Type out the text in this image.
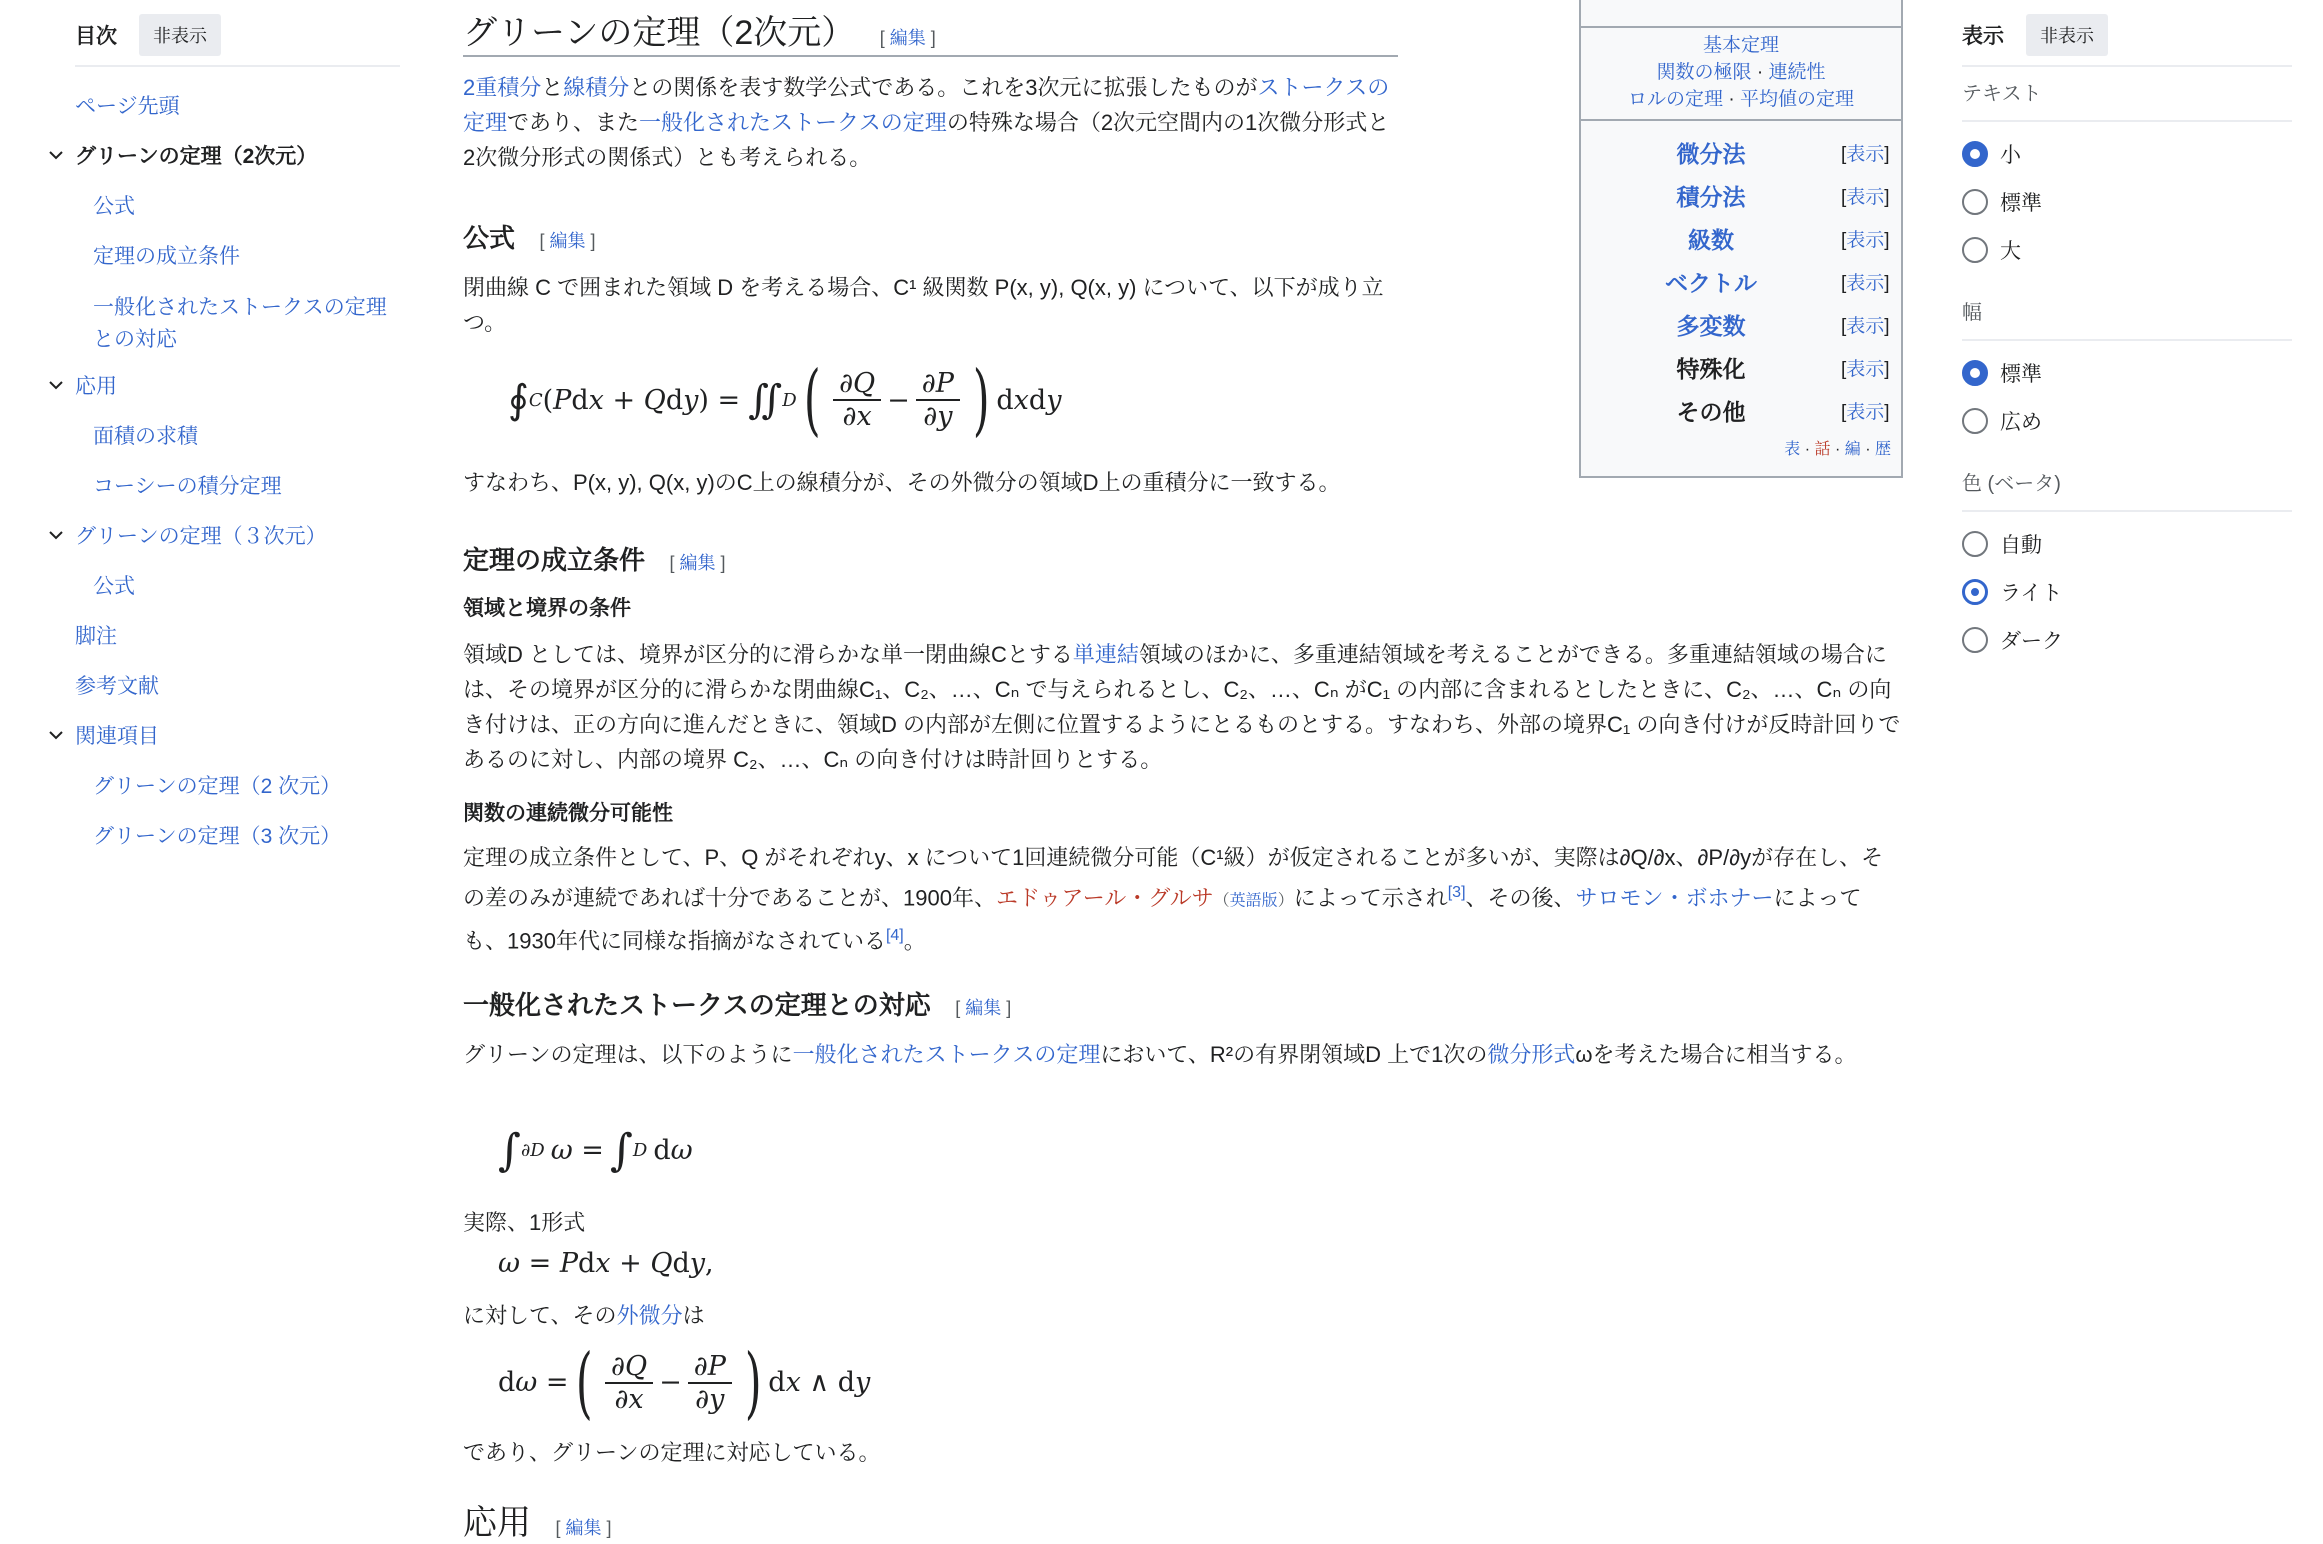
目次	非表示
ページ先頭
グリーンの定理（2次元）
公式
定理の成立条件
一般化されたストークスの定理との対応
応用
面積の求積
コーシーの積分定理
グリーンの定理（３次元）
公式
脚注
参考文献
関連項目
グリーンの定理（2 次元）
グリーンの定理（3 次元）
グリーンの定理（2次元） [ 編集 ]

2重積分と線積分との関係を表す数学公式である。これを3次元に拡張したものがストークスの定理であり、また一般化されたストークスの定理の特殊な場合（2次元空間内の1次微分形式と2次微分形式の関係式）とも考えられる。

公式 [ 編集 ]

閉曲線 C で囲まれた領域 D を考える場合、C¹ 級関数 P(x, y), Q(x, y) について、以下が成り立つ。

∮ C (Pdx + Qdy) = ∬ D ( $\frac{\partial Q}{\partial x} - \frac{\partial P}{\partial y}$ ) dxdy

すなわち、P(x, y), Q(x, y)のC上の線積分が、その外微分の領域D上の重積分に一致する。

定理の成立条件 [ 編集 ]
領域と境界の条件

領域D としては、境界が区分的に滑らかな単一閉曲線Cとする単連結領域のほかに、多重連結領域を考えることができる。多重連結領域の場合には、その境界が区分的に滑らかな閉曲線C₁、C₂、…、Cₙ で与えられるとし、C₂、…、Cₙ がC₁ の内部に含まれるとしたときに、C₂、…、Cₙ の向き付けは、正の方向に進んだときに、領域D の内部が左側に位置するようにとるものとする。すなわち、外部の境界C₁ の向き付けが反時計回りであるのに対し、内部の境界 C₂、…、Cₙ の向き付けは時計回りとする。

関数の連続微分可能性

定理の成立条件として、P、Q がそれぞれy、x について1回連続微分可能（C¹級）が仮定されることが多いが、実際は∂Q/∂x、∂P/∂yが存在し、その差のみが連続であれば十分であることが、1900年、エドゥアール・グルサ（英語版）によって示され[3]、その後、サロモン・ボホナーによっても、1930年代に同様な指摘がなされている[4]。

一般化されたストークスの定理との対応 [ 編集 ]

グリーンの定理は、以下のように一般化されたストークスの定理において、R²の有界閉領域D 上で1次の微分形式ωを考えた場合に相当する。

∫ ∂D ω = ∫ D dω

実際、1形式

ω = Pdx + Qdy,

に対して、その外微分は

dω = ( $\frac{\partial Q}{\partial x} - \frac{\partial P}{\partial y}$ ) dx ∧ dy

であり、グリーンの定理に対応している。

応用 [ 編集 ]
基本定理
関数の極限 · 連続性
ロルの定理 · 平均値の定理
微分法	[表示]
積分法	[表示]
級数	[表示]
ベクトル	[表示]
多変数	[表示]
特殊化	[表示]
その他	[表示]
表 · 話 · 編 · 歴
表示	非表示
テキスト
小
標準
大
幅
標準
広め
色 (ベータ)
自動
ライト
ダーク
